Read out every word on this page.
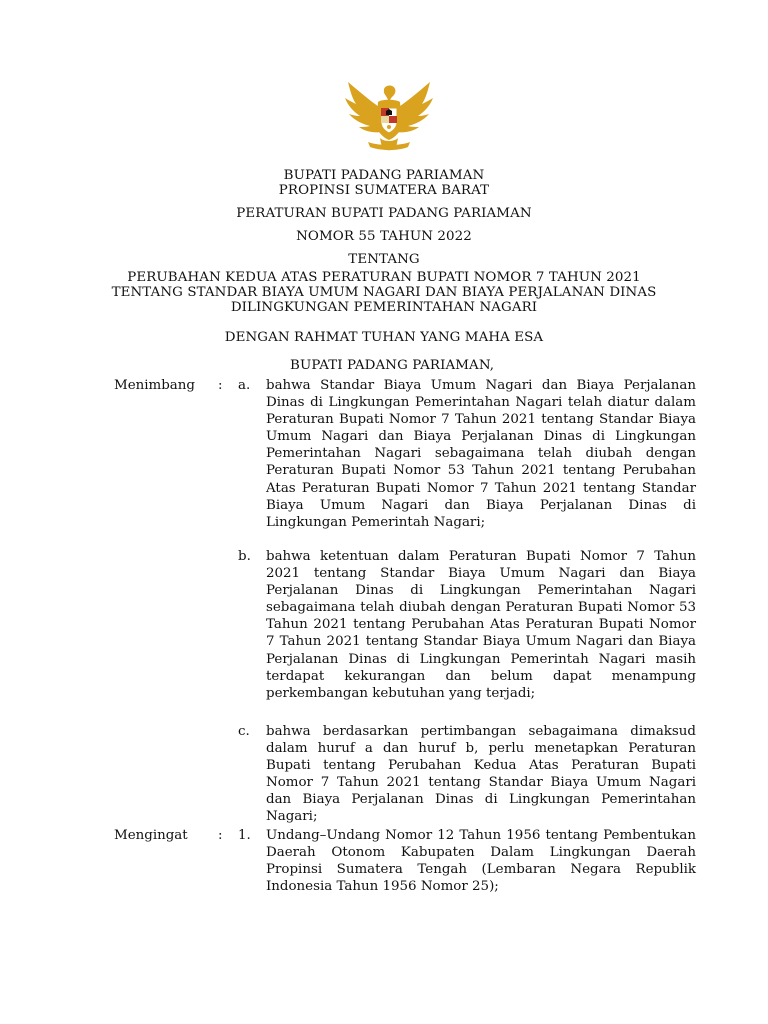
BUPATI PADANG PARIAMAN
PROPINSI SUMATERA BARAT
PERATURAN BUPATI PADANG PARIAMAN
NOMOR 55 TAHUN 2022
TENTANG
PERUBAHAN KEDUA ATAS PERATURAN BUPATI NOMOR 7 TAHUN 2021
TENTANG STANDAR BIAYA UMUM NAGARI DAN BIAYA PERJALANAN DINAS
DILINGKUNGAN PEMERINTAHAN NAGARI
DENGAN RAHMAT TUHAN YANG MAHA ESA
BUPATI PADANG PARIAMAN,
Menimbang : a. bahwa Standar Biaya Umum Nagari dan Biaya Perjalanan Dinas di Lingkungan Pemerintahan Nagari telah diatur dalam Peraturan Bupati Nomor 7 Tahun 2021 tentang Standar Biaya Umum Nagari dan Biaya Perjalanan Dinas di Lingkungan Pemerintahan Nagari sebagaimana telah diubah dengan Peraturan Bupati Nomor 53 Tahun 2021 tentang Perubahan Atas Peraturan Bupati Nomor 7 Tahun 2021 tentang Standar Biaya Umum Nagari dan Biaya Perjalanan Dinas di Lingkungan Pemerintah Nagari;
b. bahwa ketentuan dalam Peraturan Bupati Nomor 7 Tahun 2021 tentang Standar Biaya Umum Nagari dan Biaya Perjalanan Dinas di Lingkungan Pemerintahan Nagari sebagaimana telah diubah dengan Peraturan Bupati Nomor 53 Tahun 2021 tentang Perubahan Atas Peraturan Bupati Nomor 7 Tahun 2021 tentang Standar Biaya Umum Nagari dan Biaya Perjalanan Dinas di Lingkungan Pemerintah Nagari masih terdapat kekurangan dan belum dapat menampung perkembangan kebutuhan yang terjadi;
c. bahwa berdasarkan pertimbangan sebagaimana dimaksud dalam huruf a dan huruf b, perlu menetapkan Peraturan Bupati tentang Perubahan Kedua Atas Peraturan Bupati Nomor 7 Tahun 2021 tentang Standar Biaya Umum Nagari dan Biaya Perjalanan Dinas di Lingkungan Pemerintahan Nagari;
Mengingat : 1. Undang–Undang Nomor 12 Tahun 1956 tentang Pembentukan Daerah Otonom Kabupaten Dalam Lingkungan Daerah Propinsi Sumatera Tengah (Lembaran Negara Republik Indonesia Tahun 1956 Nomor 25);
